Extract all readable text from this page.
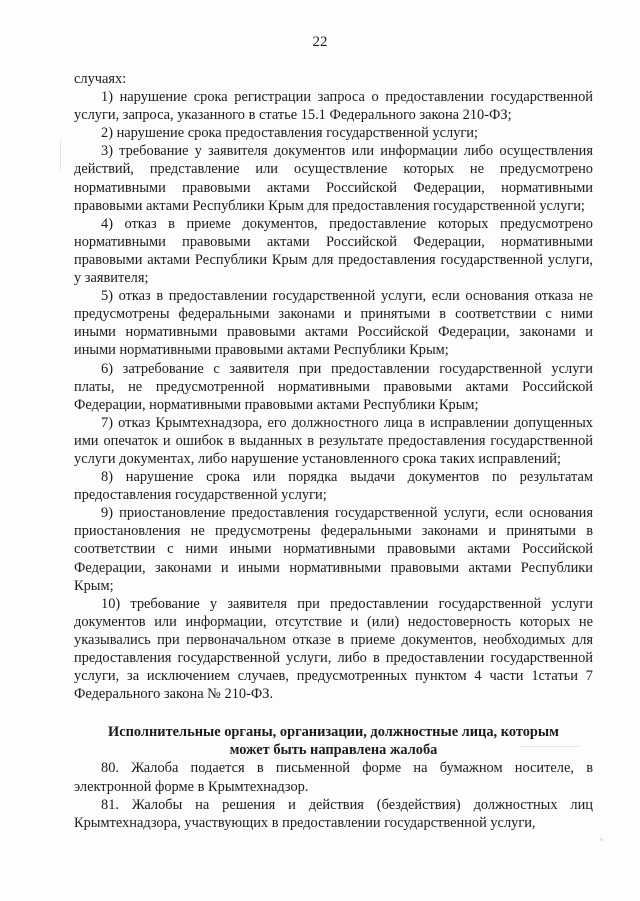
22

случаях:

1) нарушение срока регистрации запроса о предоставлении государственной услуги, запроса, указанного в статье 15.1 Федерального закона 210-ФЗ;

2) нарушение срока предоставления государственной услуги;

3) требование у заявителя документов или информации либо осуществления действий, представление или осуществление которых не предусмотрено нормативными правовыми актами Российской Федерации, нормативными правовыми актами Республики Крым для предоставления государственной услуги;

4) отказ в приеме документов, предоставление которых предусмотрено нормативными правовыми актами Российской Федерации, нормативными правовыми актами Республики Крым для предоставления государственной услуги, у заявителя;

5) отказ в предоставлении государственной услуги, если основания отказа не предусмотрены федеральными законами и принятыми в соответствии с ними иными нормативными правовыми актами Российской Федерации, законами и иными нормативными правовыми актами Республики Крым;

6) затребование с заявителя при предоставлении государственной услуги платы, не предусмотренной нормативными правовыми актами Российской Федерации, нормативными правовыми актами Республики Крым;

7) отказ Крымтехнадзора, его должностного лица в исправлении допущенных ими опечаток и ошибок в выданных в результате предоставления государственной услуги документах, либо нарушение установленного срока таких исправлений;

8) нарушение срока или порядка выдачи документов по результатам предоставления государственной услуги;

9) приостановление предоставления государственной услуги, если основания приостановления не предусмотрены федеральными законами и принятыми в соответствии с ними иными нормативными правовыми актами Российской Федерации, законами и иными нормативными правовыми актами Республики Крым;

10) требование у заявителя при предоставлении государственной услуги документов или информации, отсутствие и (или) недостоверность которых не указывались при первоначальном отказе в приеме документов, необходимых для предоставления государственной услуги, либо в предоставлении государственной услуги, за исключением случаев, предусмотренных пунктом 4 части 1статьи 7 Федерального закона № 210-ФЗ.

Исполнительные органы, организации, должностные лица, которым
может быть направлена жалоба

80. Жалоба подается в письменной форме на бумажном носителе, в электронной форме в Крымтехнадзор.

81. Жалобы на решения и действия (бездействия) должностных лиц Крымтехнадзора, участвующих в предоставлении государственной услуги,
